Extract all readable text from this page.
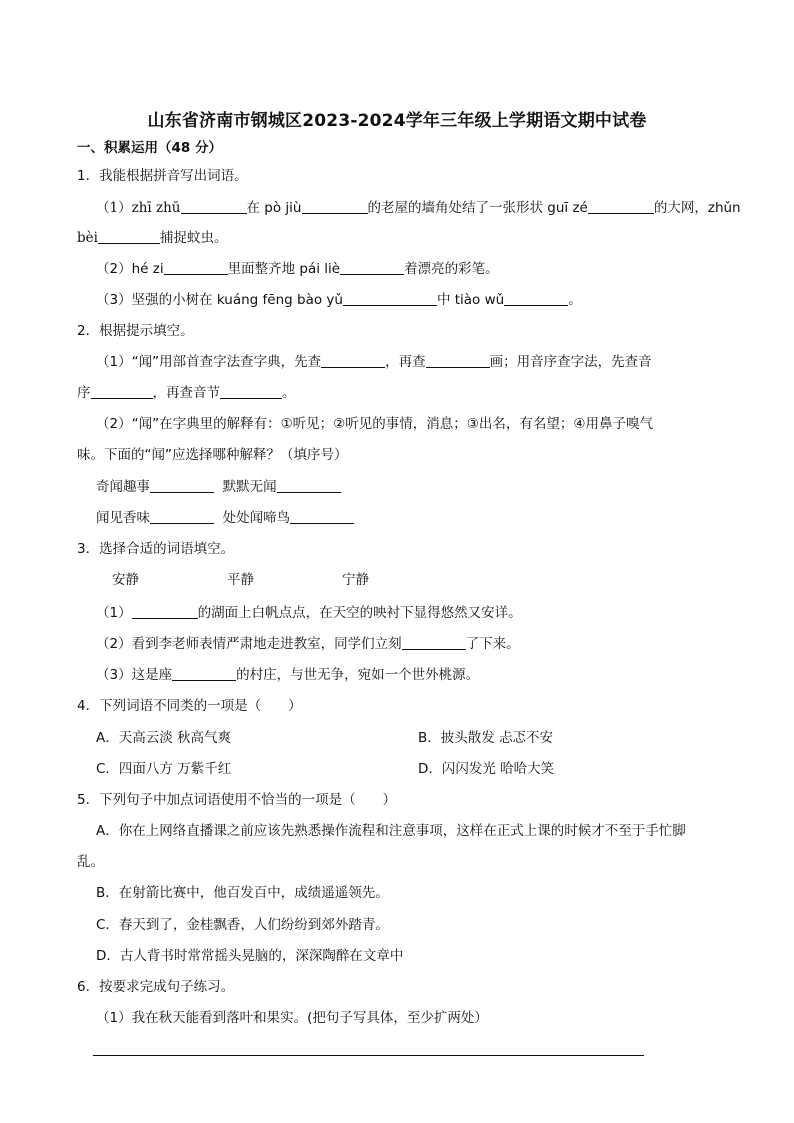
山东省济南市钢城区2023-2024学年三年级上学期语文期中试卷
一、积累运用（48 分）
1．我能根据拼音写出词语。
（1）zhī zhū	在 pò jiù	的老屋的墙角处结了一张形状 guī zé	的大网，zhǔn
bèi	捕捉蚊虫。
（2）hé zi	里面整齐地 pái liè	着漂亮的彩笔。
（3）坚强的小树在 kuáng fēng bào yǔ	中 tiào wǔ	。
2．根据提示填空。
（1）“闻”用部首查字法查字典，先查	，再查	画；用音序查字法，先查音
序	，再查音节	。
（2）“闻”在字典里的解释有：①听见；②听见的事情，消息；③出名，有名望；④用鼻子嗅气
味。下面的“闻”应选择哪种解释？（填序号）
奇闻趣事	默默无闻
闻见香味	处处闻啼鸟
3．选择合适的词语填空。
安静	平静	宁静
（1）	的湖面上白帆点点，在天空的映衬下显得悠然又安详。
（2）看到李老师表情严肃地走进教室，同学们立刻	了下来。
（3）这是座	的村庄，与世无争，宛如一个世外桃源。
4．下列词语不同类的一项是（　　）
A．天高云淡 秋高气爽	B．披头散发 忐忑不安
C．四面八方 万紫千红	D．闪闪发光 哈哈大笑
5．下列句子中加点词语使用不恰当的一项是（　　）
A．你在上网络直播课之前应该先熟悉操作流程和注意事项，这样在正式上课的时候才不至于手忙脚
乱。
B．在射箭比赛中，他百发百中，成绩遥遥领先。
C．春天到了，金桂飘香，人们纷纷到郊外踏青。
D．古人背书时常常摇头晃脑的，深深陶醉在文章中
6．按要求完成句子练习。
（1）我在秋天能看到落叶和果实。(把句子写具体，至少扩两处）
